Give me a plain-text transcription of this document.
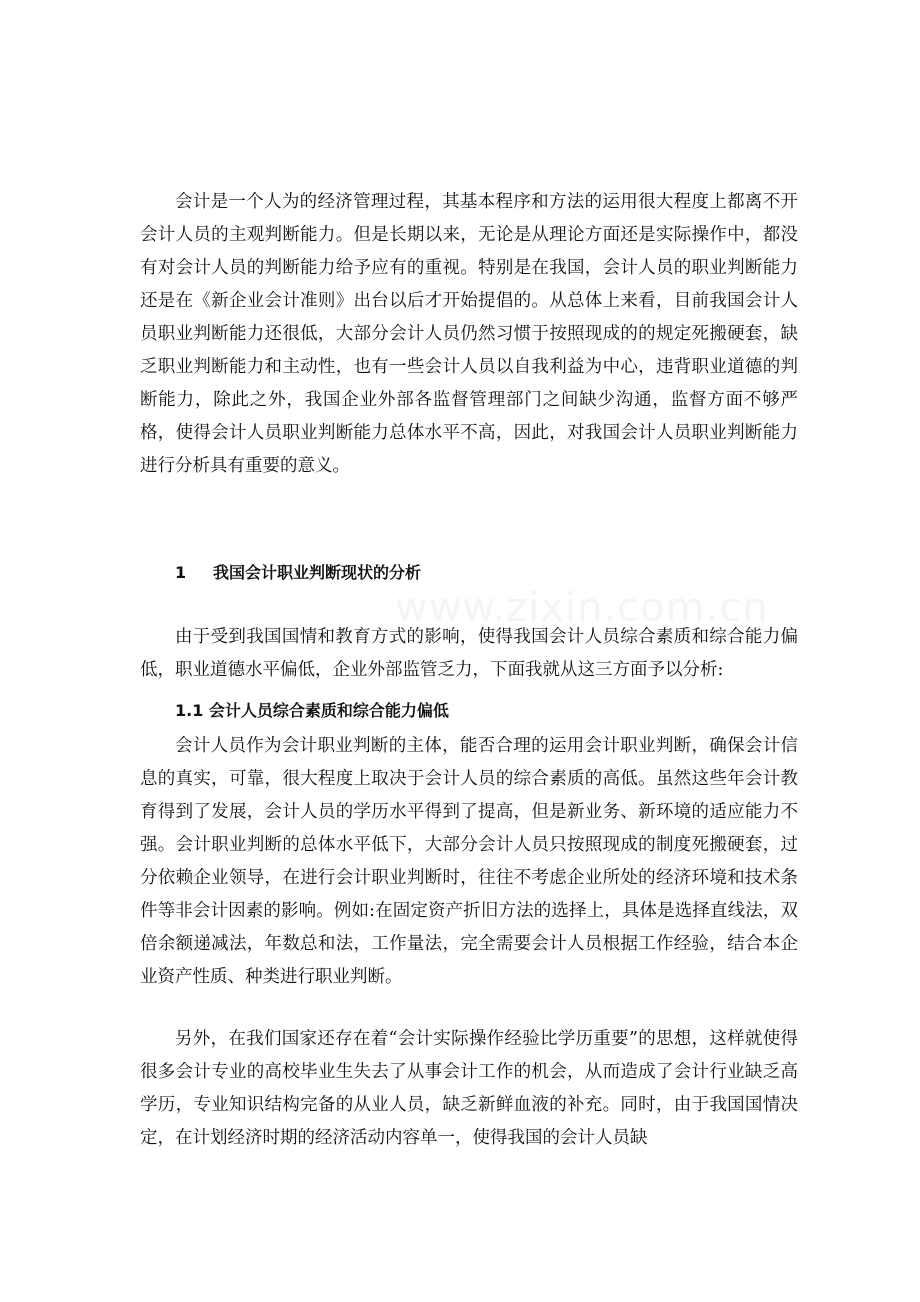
会计是一个人为的经济管理过程，其基本程序和方法的运用很大程度上都离不开会计人员的主观判断能力。但是长期以来，无论是从理论方面还是实际操作中，都没有对会计人员的判断能力给予应有的重视。特别是在我国，会计人员的职业判断能力还是在《新企业会计准则》出台以后才开始提倡的。从总体上来看，目前我国会计人员职业判断能力还很低，大部分会计人员仍然习惯于按照现成的的规定死搬硬套，缺乏职业判断能力和主动性，也有一些会计人员以自我利益为中心，违背职业道德的判断能力，除此之外，我国企业外部各监督管理部门之间缺少沟通，监督方面不够严格，使得会计人员职业判断能力总体水平不高，因此，对我国会计人员职业判断能力进行分析具有重要的意义。

1 我国会计职业判断现状的分析

由于受到我国国情和教育方式的影响，使得我国会计人员综合素质和综合能力偏低，职业道德水平偏低，企业外部监管乏力，下面我就从这三方面予以分析:

1.1 会计人员综合素质和综合能力偏低

会计人员作为会计职业判断的主体，能否合理的运用会计职业判断，确保会计信息的真实，可靠，很大程度上取决于会计人员的综合素质的高低。虽然这些年会计教育得到了发展，会计人员的学历水平得到了提高，但是新业务、新环境的适应能力不强。会计职业判断的总体水平低下，大部分会计人员只按照现成的制度死搬硬套，过分依赖企业领导，在进行会计职业判断时，往往不考虑企业所处的经济环境和技术条件等非会计因素的影响。例如:在固定资产折旧方法的选择上，具体是选择直线法，双倍余额递减法，年数总和法，工作量法，完全需要会计人员根据工作经验，结合本企业资产性质、种类进行职业判断。

另外，在我们国家还存在着“会计实际操作经验比学历重要”的思想，这样就使得很多会计专业的高校毕业生失去了从事会计工作的机会，从而造成了会计行业缺乏高学历，专业知识结构完备的从业人员，缺乏新鲜血液的补充。同时，由于我国国情决定，在计划经济时期的经济活动内容单一，使得我国的会计人员缺
